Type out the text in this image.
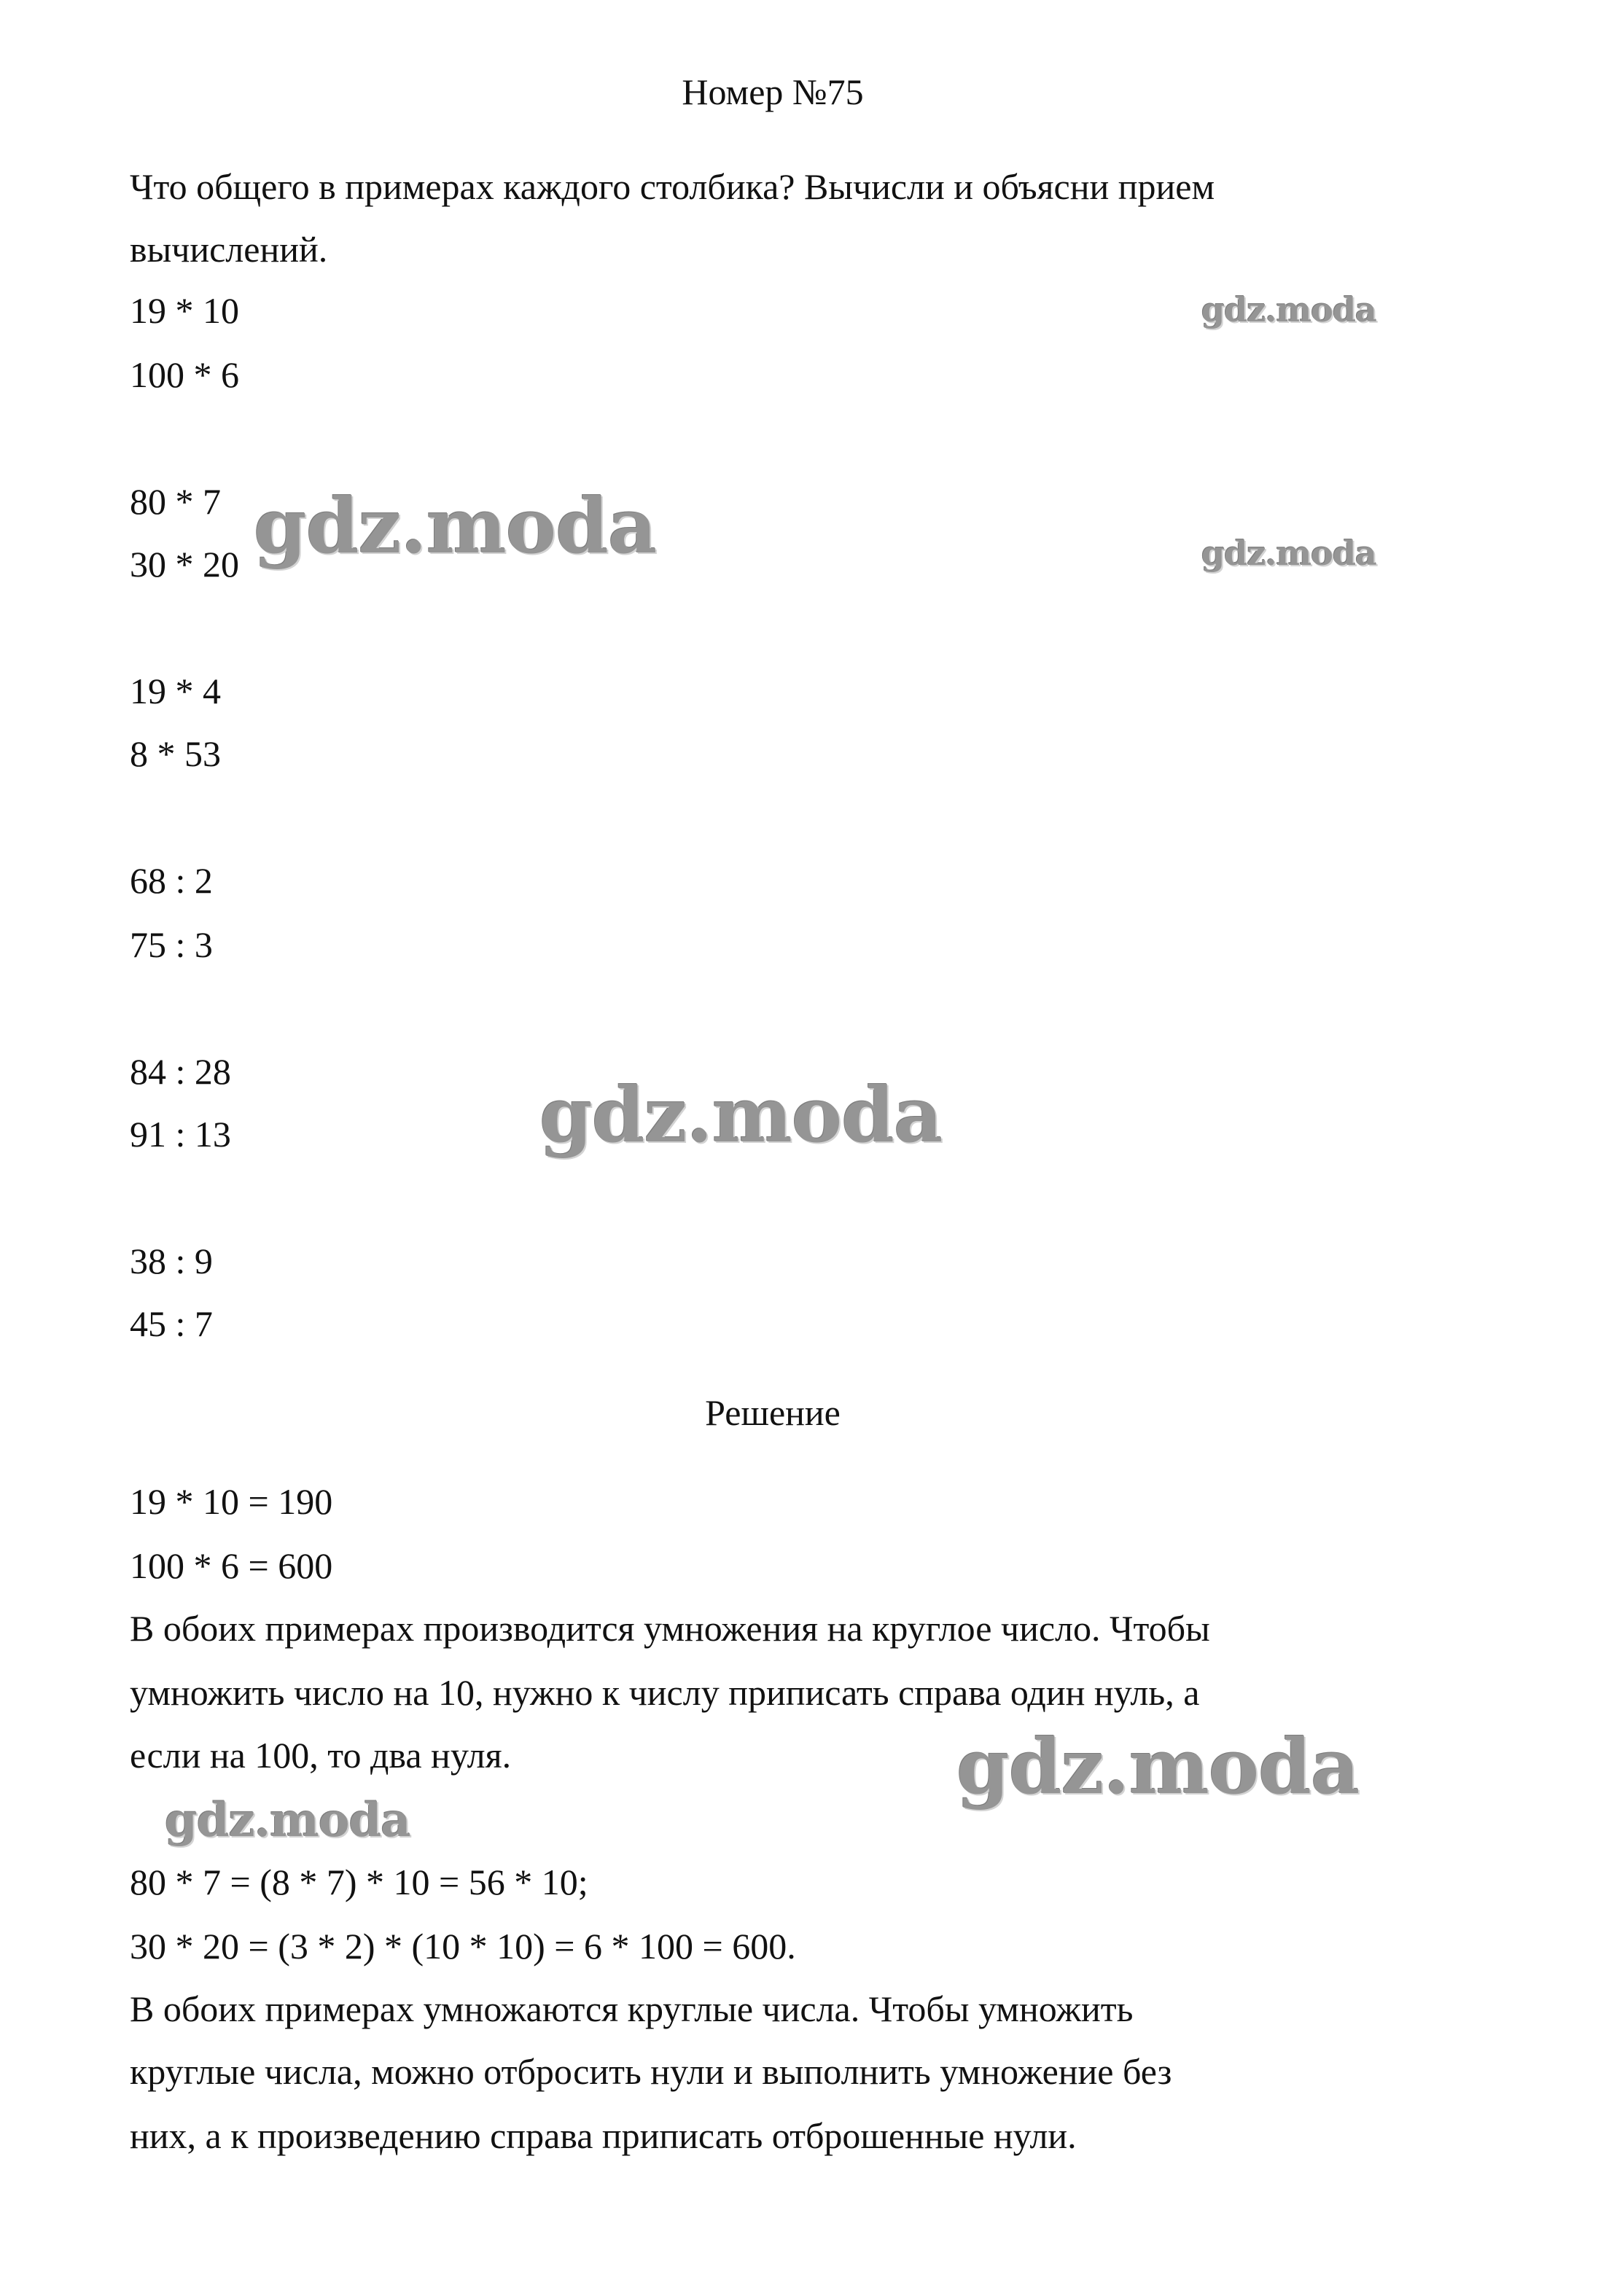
Номер №75
Что общего в примерах каждого столбика? Вычисли и объясни прием
вычислений.
19 * 10
100 * 6
80 * 7
30 * 20
19 * 4
8 * 53
68 : 2
75 : 3
84 : 28
91 : 13
38 : 9
45 : 7
Решение
19 * 10 = 190
100 * 6 = 600
В обоих примерах производится умножения на круглое число. Чтобы
умножить число на 10, нужно к числу приписать справа один нуль, а
если на 100, то два нуля.
80 * 7 = (8 * 7) * 10 = 56 * 10;
30 * 20 = (3 * 2) * (10 * 10) = 6 * 100 = 600.
В обоих примерах умножаются круглые числа. Чтобы умножить
круглые числа, можно отбросить нули и выполнить умножение без
них, а к произведению справа приписать отброшенные нули.
gdz.moda
gdz.moda
gdz.moda
gdz.moda
gdz.moda
gdz.moda
